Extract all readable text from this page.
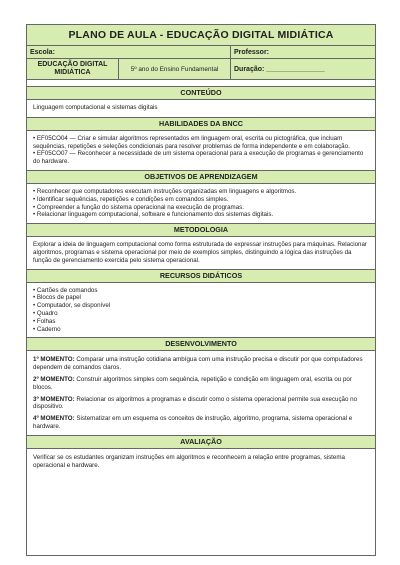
PLANO DE AULA - EDUCAÇÃO DIGITAL MIDIÁTICA
Escola:	Professor:
EDUCAÇÃO DIGITAL MIDIÁTICA	5º ano do Ensino Fundamental Duração: _______________
CONTEÚDO

Linguagem computacional e sistemas digitais

HABILIDADES DA BNCC
• EF05CO04 — Criar e simular algoritmos representados em linguagem oral, escrita ou pictográfica, que incluam sequências, repetições e seleções condicionais para resolver problemas de forma independente e em colaboração.
• EF05CO07 — Reconhecer a necessidade de um sistema operacional para a execução de programas e gerenciamento do hardware.
OBJETIVOS DE APRENDIZAGEM
• Reconhecer que computadores executam instruções organizadas em linguagens e algoritmos.
• Identificar sequências, repetições e condições em comandos simples.
• Compreender a função do sistema operacional na execução de programas.
• Relacionar linguagem computacional, software e funcionamento dos sistemas digitais.
METODOLOGIA

Explorar a ideia de linguagem computacional como forma estruturada de expressar instruções para máquinas. Relacionar algoritmos, programas e sistema operacional por meio de exemplos simples, distinguindo a lógica das instruções da função de gerenciamento exercida pelo sistema operacional.

RECURSOS DIDÁTICOS
• Cartões de comandos
• Blocos de papel
• Computador, se disponível
• Quadro
• Folhas
• Caderno
DESENVOLVIMENTO

1º MOMENTO: Comparar uma instrução cotidiana ambígua com uma instrução precisa e discutir por que computadores dependem de comandos claros.

2º MOMENTO: Construir algoritmos simples com sequência, repetição e condição em linguagem oral, escrita ou por blocos.

3º MOMENTO: Relacionar os algoritmos a programas e discutir como o sistema operacional permite sua execução no dispositivo.

4º MOMENTO: Sistematizar em um esquema os conceitos de instrução, algoritmo, programa, sistema operacional e hardware.

AVALIAÇÃO

Verificar se os estudantes organizam instruções em algoritmos e reconhecem a relação entre programas, sistema operacional e hardware.
